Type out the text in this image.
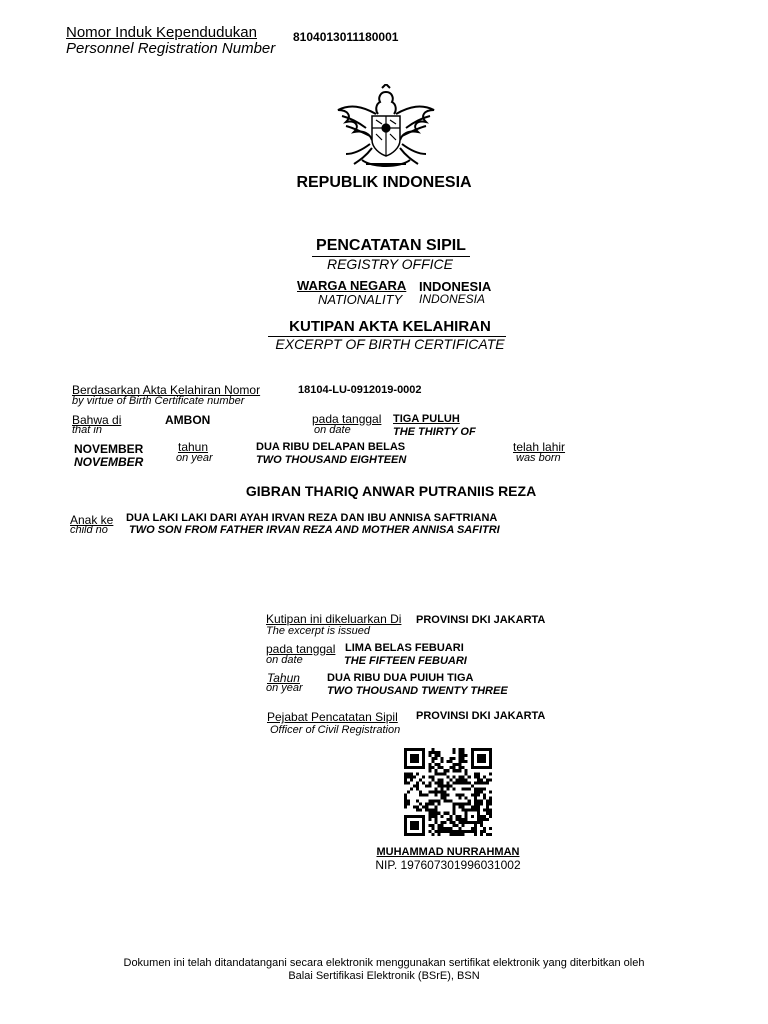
Nomor Induk Kependudukan
Personnel Registration Number
8104013011180001
REPUBLIK INDONESIA
PENCATATAN SIPIL
REGISTRY OFFICE
WARGA NEGARA
NATIONALITY
INDONESIA
INDONESIA
KUTIPAN AKTA KELAHIRAN
EXCERPT OF BIRTH CERTIFICATE
Berdasarkan Akta Kelahiran Nomor
by virtue of Birth Certificate number
18104-LU-0912019-0002
Bahwa di
that in
AMBON	pada tanggal
on date
TIGA PULUH
THE THIRTY OF
NOVEMBER
NOVEMBER
tahun
on year
DUA RIBU DELAPAN BELAS
TWO THOUSAND EIGHTEEN
telah lahir
was born
GIBRAN THARIQ ANWAR PUTRANIIS REZA
Anak ke
child no
DUA LAKI LAKI DARI AYAH IRVAN REZA DAN IBU ANNISA SAFTRIANA
TWO SON FROM FATHER IRVAN REZA AND MOTHER ANNISA SAFITRI
Kutipan ini dikeluarkan Di
The excerpt is issued
PROVINSI DKI JAKARTA
pada tanggal
on date
LIMA BELAS FEBUARI
THE FIFTEEN FEBUARI
Tahun
on year
DUA RIBU DUA PUIUH TIGA
TWO THOUSAND TWENTY THREE
Pejabat Pencatatan Sipil
Officer of Civil Registration
PROVINSI DKI JAKARTA
MUHAMMAD NURRAHMAN
NIP. 197607301996031002
Dokumen ini telah ditandatangani secara elektronik menggunakan sertifikat elektronik yang diterbitkan oleh
Balai Sertifikasi Elektronik (BSrE), BSN
